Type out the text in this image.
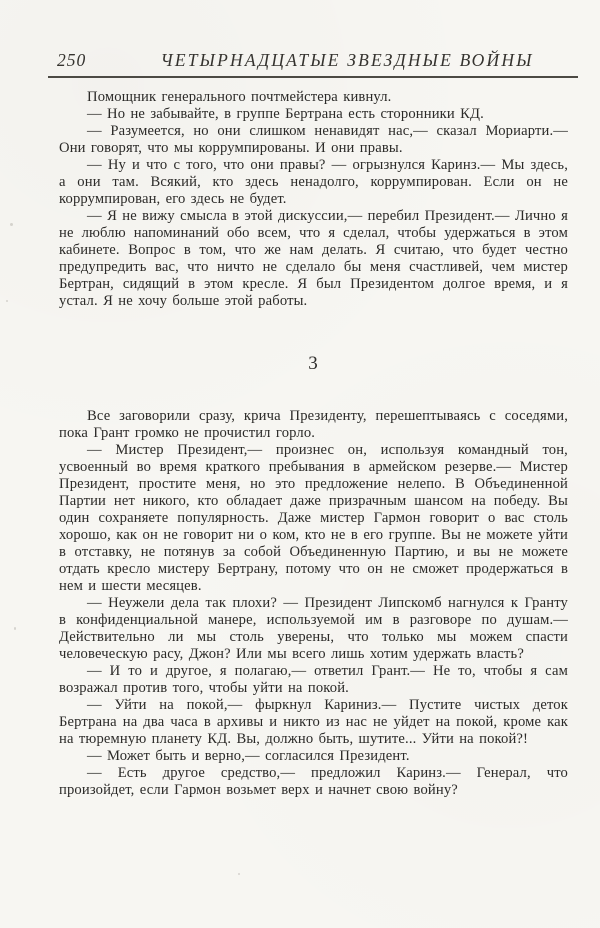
250	ЧЕТЫРНАДЦАТЫЕ ЗВЕЗДНЫЕ ВОЙНЫ

Помощник генерального почтмейстера кивнул.

— Но не забывайте, в группе Бертрана есть сторонники КД.

— Разумеется, но они слишком ненавидят нас,— сказал Мориарти.— Они говорят, что мы коррумпированы. И они правы.

— Ну и что с того, что они правы? — огрызнулся Каринз.— Мы здесь, а они там. Всякий, кто здесь ненадолго, коррумпирован. Если он не коррумпирован, его здесь не будет.

— Я не вижу смысла в этой дискуссии,— перебил Президент.— Лично я не люблю напоминаний обо всем, что я сделал, чтобы удержаться в этом кабинете. Вопрос в том, что же нам делать. Я считаю, что будет честно предупредить вас, что ничто не сделало бы меня счастливей, чем мистер Бертран, сидящий в этом кресле. Я был Президентом долгое время, и я устал. Я не хочу больше этой работы.

3

Все заговорили сразу, крича Президенту, перешептываясь с соседями, пока Грант громко не прочистил горло.

— Мистер Президент,— произнес он, используя командный тон, усвоенный во время краткого пребывания в армейском резерве.— Мистер Президент, простите меня, но это предложение нелепо. В Объединенной Партии нет никого, кто обладает даже призрачным шансом на победу. Вы один сохраняете популярность. Даже мистер Гармон говорит о вас столь хорошо, как он не говорит ни о ком, кто не в его группе. Вы не можете уйти в отставку, не потянув за собой Объединенную Партию, и вы не можете отдать кресло мистеру Бертрану, потому что он не сможет продержаться в нем и шести месяцев.

— Неужели дела так плохи? — Президент Липскомб нагнулся к Гранту в конфиденциальной манере, используемой им в разговоре по душам.— Действительно ли мы столь уверены, что только мы можем спасти человеческую расу, Джон? Или мы всего лишь хотим удержать власть?

— И то и другое, я полагаю,— ответил Грант.— Не то, чтобы я сам возражал против того, чтобы уйти на покой.

— Уйти на покой,— фыркнул Кариниз.— Пустите чистых деток Бертрана на два часа в архивы и никто из нас не уйдет на покой, кроме как на тюремную планету КД. Вы, должно быть, шутите... Уйти на покой?!

— Может быть и верно,— согласился Президент.

— Есть другое средство,— предложил Каринз.— Генерал, что произойдет, если Гармон возьмет верх и начнет свою войну?
